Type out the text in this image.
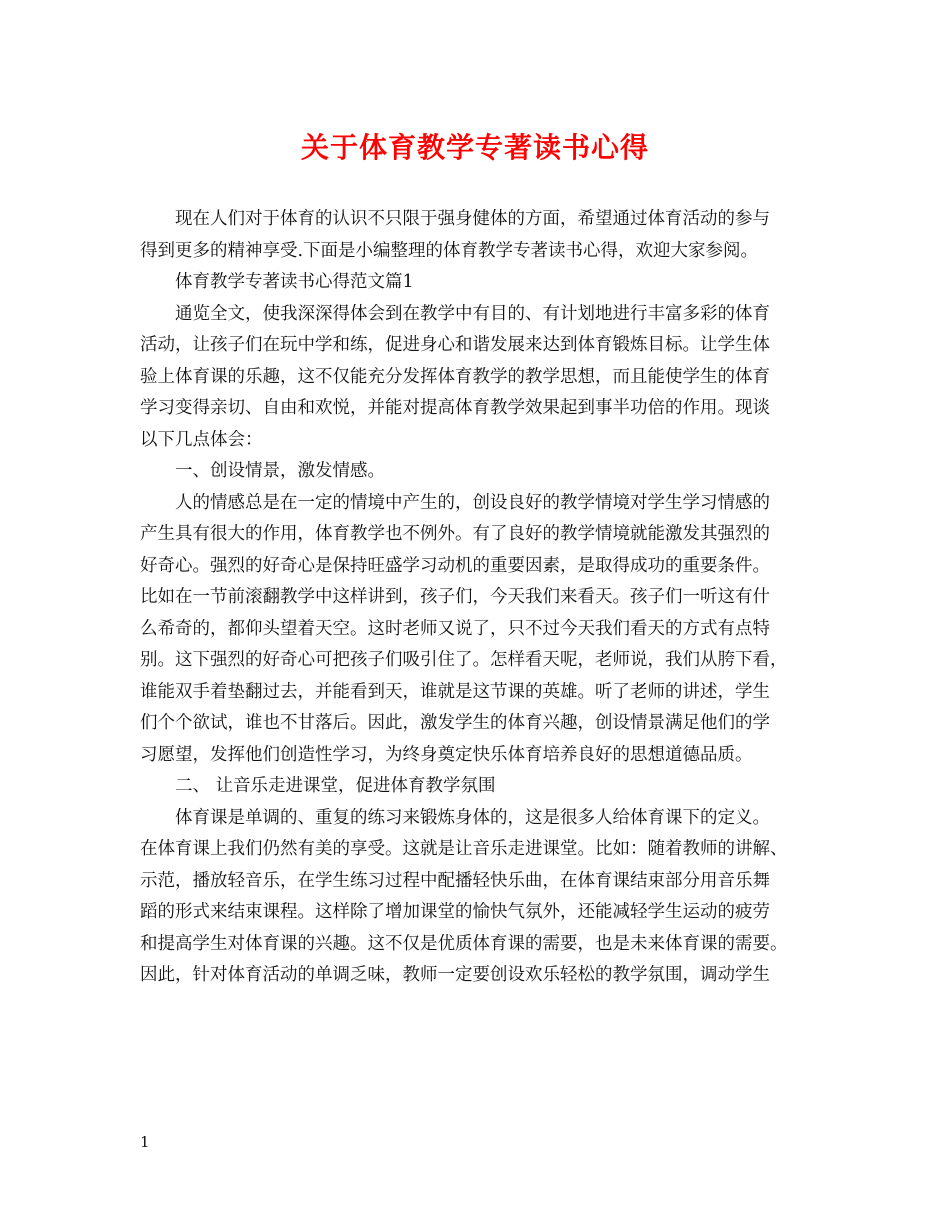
关于体育教学专著读书心得

现在人们对于体育的认识不只限于强身健体的方面，希望通过体育活动的参与
得到更多的精神享受.下面是小编整理的体育教学专著读书心得，欢迎大家参阅。

体育教学专著读书心得范文篇1

通览全文，使我深深得体会到在教学中有目的、有计划地进行丰富多彩的体育
活动，让孩子们在玩中学和练，促进身心和谐发展来达到体育锻炼目标。让学生体
验上体育课的乐趣，这不仅能充分发挥体育教学的教学思想，而且能使学生的体育
学习变得亲切、自由和欢悦，并能对提高体育教学效果起到事半功倍的作用。现谈
以下几点体会：

一、创设情景，激发情感。

人的情感总是在一定的情境中产生的，创设良好的教学情境对学生学习情感的
产生具有很大的作用，体育教学也不例外。有了良好的教学情境就能激发其强烈的
好奇心。强烈的好奇心是保持旺盛学习动机的重要因素，是取得成功的重要条件。
比如在一节前滚翻教学中这样讲到，孩子们，今天我们来看天。孩子们一听这有什
么希奇的，都仰头望着天空。这时老师又说了，只不过今天我们看天的方式有点特
别。这下强烈的好奇心可把孩子们吸引住了。怎样看天呢，老师说，我们从胯下看，
谁能双手着垫翻过去，并能看到天，谁就是这节课的英雄。听了老师的讲述，学生
们个个欲试，谁也不甘落后。因此，激发学生的体育兴趣，创设情景满足他们的学
习愿望，发挥他们创造性学习，为终身奠定快乐体育培养良好的思想道德品质。

二、 让音乐走进课堂，促进体育教学氛围

体育课是单调的、重复的练习来锻炼身体的，这是很多人给体育课下的定义。
在体育课上我们仍然有美的享受。这就是让音乐走进课堂。比如：随着教师的讲解、
示范，播放轻音乐，在学生练习过程中配播轻快乐曲，在体育课结束部分用音乐舞
蹈的形式来结束课程。这样除了增加课堂的愉快气氛外，还能减轻学生运动的疲劳
和提高学生对体育课的兴趣。这不仅是优质体育课的需要，也是未来体育课的需要。
因此，针对体育活动的单调乏味，教师一定要创设欢乐轻松的教学氛围，调动学生

1
